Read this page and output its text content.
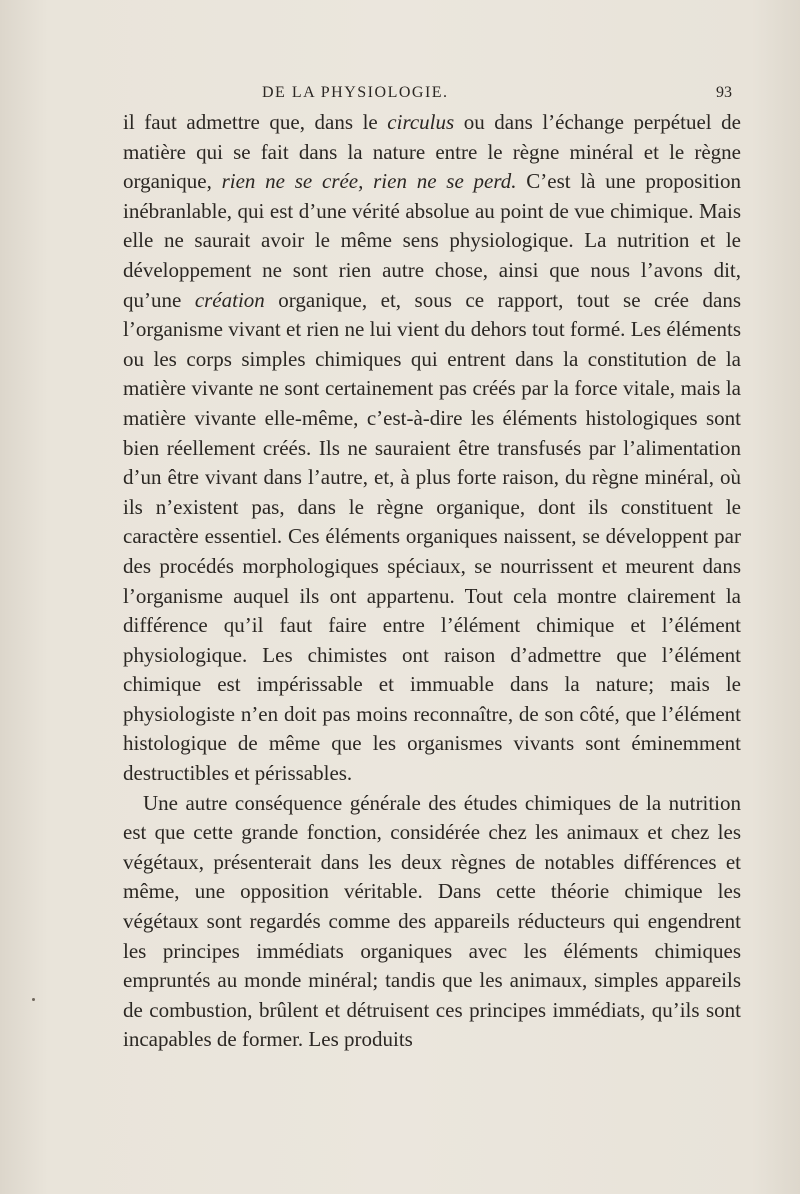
DE LA PHYSIOLOGIE.	93

il faut admettre que, dans le circulus ou dans l’échange perpétuel de matière qui se fait dans la nature entre le règne minéral et le règne organique, rien ne se crée, rien ne se perd. C’est là une proposition inébranlable, qui est d’une vérité absolue au point de vue chimique. Mais elle ne saurait avoir le même sens physiologique. La nutrition et le développement ne sont rien autre chose, ainsi que nous l’avons dit, qu’une création organique, et, sous ce rapport, tout se crée dans l’organisme vivant et rien ne lui vient du dehors tout formé. Les éléments ou les corps simples chimiques qui entrent dans la constitution de la matière vivante ne sont certainement pas créés par la force vitale, mais la matière vivante elle-même, c’est-à-dire les éléments histologiques sont bien réellement créés. Ils ne sauraient être transfusés par l’alimentation d’un être vivant dans l’autre, et, à plus forte raison, du règne minéral, où ils n’existent pas, dans le règne organique, dont ils constituent le caractère essentiel. Ces éléments organiques naissent, se développent par des procédés morphologiques spéciaux, se nourrissent et meurent dans l’organisme auquel ils ont appartenu. Tout cela montre clairement la différence qu’il faut faire entre l’élément chimique et l’élément physiologique. Les chimistes ont raison d’admettre que l’élément chimique est impérissable et immuable dans la nature; mais le physiologiste n’en doit pas moins reconnaître, de son côté, que l’élément histologique de même que les organismes vivants sont éminemment destructibles et périssables.

Une autre conséquence générale des études chimiques de la nutrition est que cette grande fonction, considérée chez les animaux et chez les végétaux, présenterait dans les deux règnes de notables différences et même, une opposition véritable. Dans cette théorie chimique les végétaux sont regardés comme des appareils réducteurs qui engendrent les principes immédiats organiques avec les éléments chimiques empruntés au monde minéral; tandis que les animaux, simples appareils de combustion, brûlent et détruisent ces principes immédiats, qu’ils sont incapables de former. Les produits
